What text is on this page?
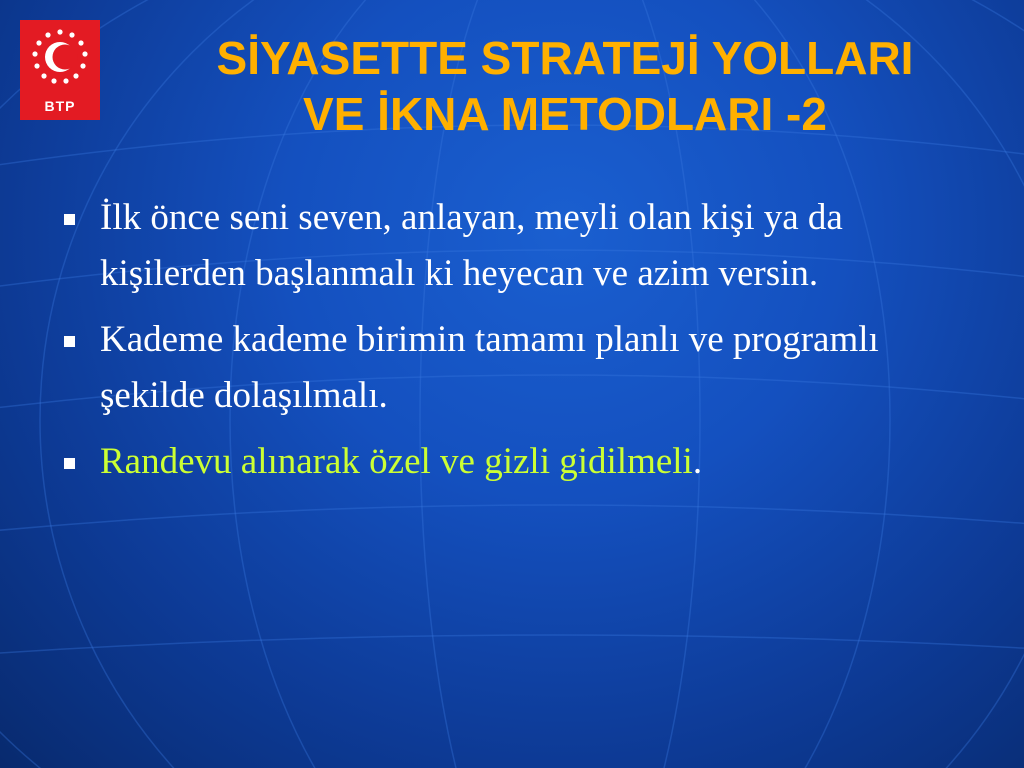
BTP
SİYASETTE STRATEJİ YOLLARI
VE İKNA METODLARI -2
İlk önce seni seven, anlayan, meyli olan kişi ya da kişilerden başlanmalı ki heyecan ve azim versin.
Kademe kademe birimin tamamı planlı ve programlı şekilde dolaşılmalı.
Randevu alınarak özel ve gizli gidilmeli.
